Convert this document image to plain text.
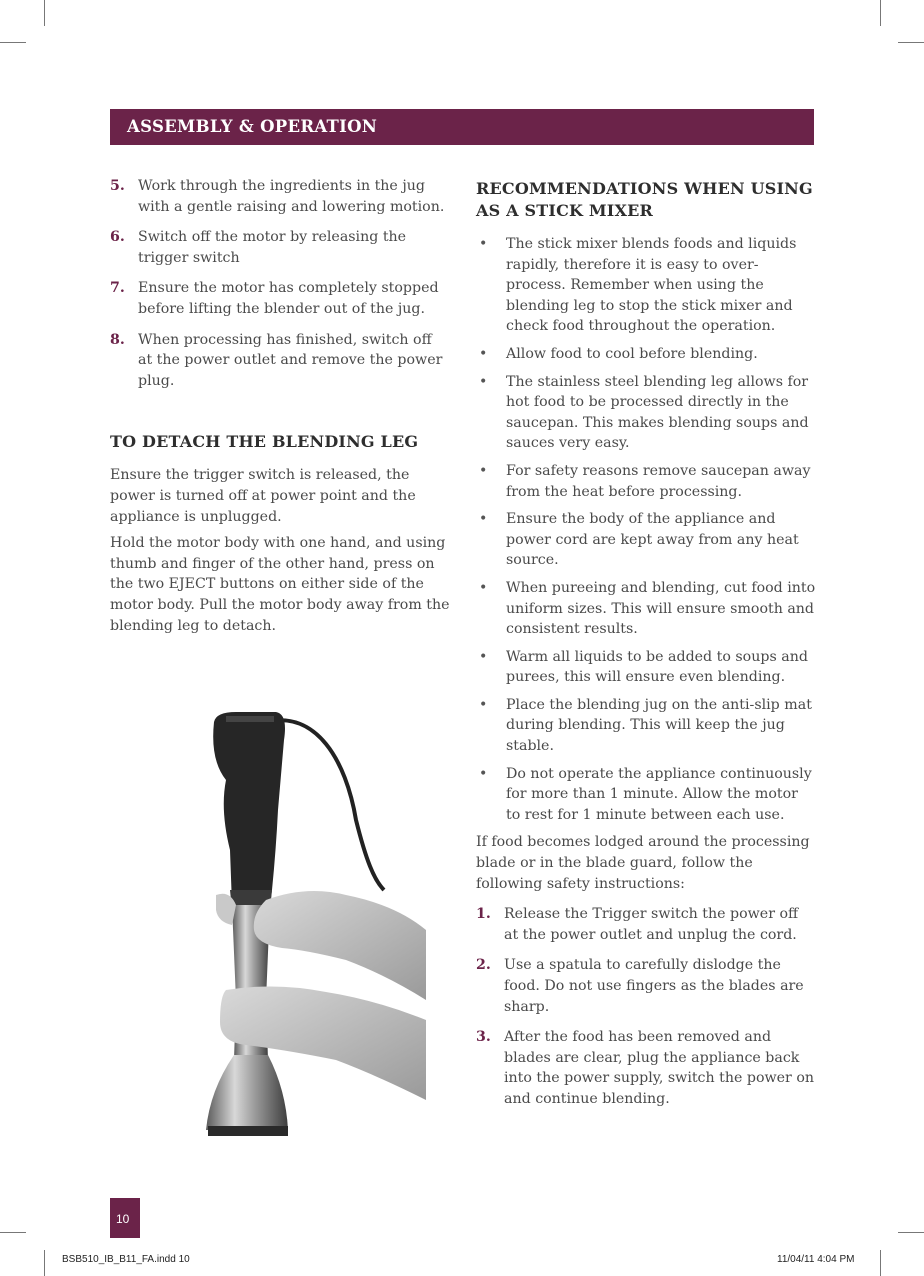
ASSEMBLY & OPERATION
5. Work through the ingredients in the jug with a gentle raising and lowering motion.
6. Switch off the motor by releasing the trigger switch
7. Ensure the motor has completely stopped before lifting the blender out of the jug.
8. When processing has finished, switch off at the power outlet and remove the power plug.
TO DETACH THE BLENDING LEG

Ensure the trigger switch is released, the power is turned off at power point and the appliance is unplugged.

Hold the motor body with one hand, and using thumb and finger of the other hand, press on the two EJECT buttons on either side of the motor body. Pull the motor body away from the blending leg to detach.

RECOMMENDATIONS WHEN USING AS A STICK MIXER
• The stick mixer blends foods and liquids rapidly, therefore it is easy to over-process. Remember when using the blending leg to stop the stick mixer and check food throughout the operation.
• Allow food to cool before blending.
• The stainless steel blending leg allows for hot food to be processed directly in the saucepan. This makes blending soups and sauces very easy.
• For safety reasons remove saucepan away from the heat before processing.
• Ensure the body of the appliance and power cord are kept away from any heat source.
• When pureeing and blending, cut food into uniform sizes. This will ensure smooth and consistent results.
• Warm all liquids to be added to soups and purees, this will ensure even blending.
• Place the blending jug on the anti-slip mat during blending. This will keep the jug stable.
• Do not operate the appliance continuously for more than 1 minute. Allow the motor to rest for 1 minute between each use.

If food becomes lodged around the processing blade or in the blade guard, follow the following safety instructions:

1. Release the Trigger switch the power off at the power outlet and unplug the cord.
2. Use a spatula to carefully dislodge the food. Do not use fingers as the blades are sharp.
3. After the food has been removed and blades are clear, plug the appliance back into the power supply, switch the power on and continue blending.
10
BSB510_IB_B11_FA.indd 10	11/04/11 4:04 PM
